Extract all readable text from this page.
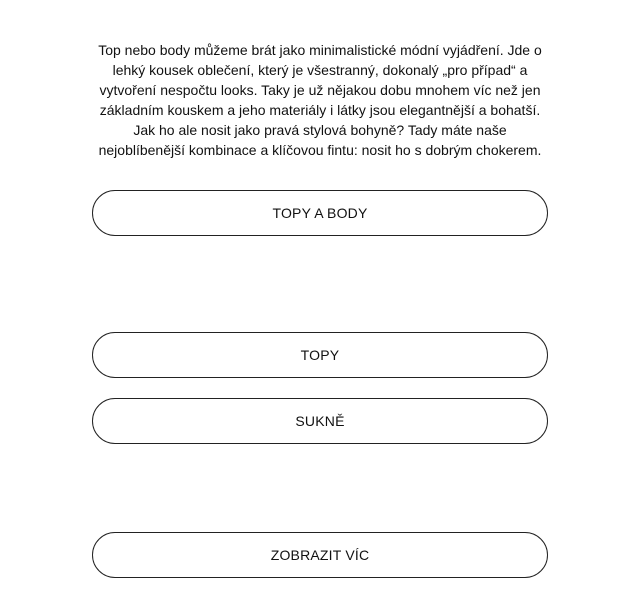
Top nebo body můžeme brát jako minimalistické módní vyjádření. Jde o lehký kousek oblečení, který je všestranný, dokonalý „pro případ“ a vytvoření nespočtu looks. Taky je už nějakou dobu mnohem víc než jen základním kouskem a jeho materiály i látky jsou elegantnější a bohatší. Jak ho ale nosit jako pravá stylová bohyně? Tady máte naše nejoblíbenější kombinace a klíčovou fintu: nosit ho s dobrým chokerem.

TOPY A BODY
TOPY
SUKNĚ
ZOBRAZIT VÍC
